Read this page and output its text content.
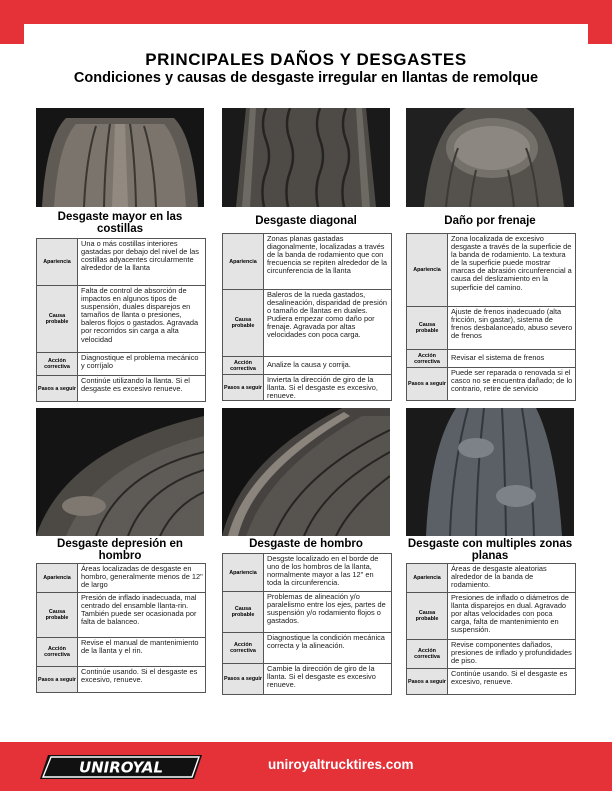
PRINCIPALES DAÑOS Y DESGASTES
Condiciones y causas de desgaste irregular en llantas de remolque
Desgaste mayor en las costillas
Apariencia
Una o más costillas interiores gastadas por debajo del nivel de las costillas adyacentes circularmente alrededor de la llanta
Causa probable
Falta de control de absorción de impactos en algunos tipos de suspensión, duales disparejos en tamaños de llanta o presiones, baleros flojos o gastados. Agravada por recorridos sin carga a alta velocidad
Acción correctiva
Diagnostique el problema mecánico y corríjalo
Pasos a seguir
Continúe utilizando la llanta. Si el desgaste es excesivo renueve.
Desgaste diagonal
Apariencia
Zonas planas gastadas diagonalmente, localizadas a través de la banda de rodamiento que con frecuencia se repiten alrededor de la circunferencia de la llanta
Causa probable
Baleros de la rueda gastados, desalineación, disparidad de presión o tamaño de llantas en duales. Pudiera empezar como daño por frenaje. Agravada por altas velocidades con poca carga.
Acción correctiva	Analize la causa y corrija.
Pasos a seguir
Invierta la dirección de giro de la llanta. Si el desgaste es excesivo, renueve.
Daño por frenaje
Apariencia
Zona localizada de excesivo desgaste a través de la superficie de la banda de rodamiento. La textura de la superficie puede mostrar marcas de abrasión circunferencial a causa del deslizamiento en la superficie del camino.
Causa probable
Ajuste de frenos inadecuado (alta fricción, sin gastar), sistema de frenos desbalanceado, abuso severo de frenos
Acción correctiva	Revisar el sistema de frenos
Pasos a seguir
Puede ser reparada o renovada si el casco no se encuentra dañado; de lo contrario, retire de servicio
Desgaste depresión en hombro
Apariencia
Áreas localizadas de desgaste en hombro, generalmente menos de 12" de largo
Causa probable
Presión de inflado inadecuada, mal centrado del ensamble llanta-rin. También puede ser ocasionada por falta de balanceo.
Acción correctiva
Revise el manual de mantenimiento de la llanta y el rin.
Pasos a seguir
Continúe usando. Si el desgaste es excesivo, renueve.
Desgaste de hombro
Apariencia
Desgste localizado en el borde de uno de los hombros de la llanta, normalmente mayor a las 12" en toda la circunferencia.
Causa probable
Problemas de alineación y/o paralelismo entre los ejes, partes de suspensión y/o rodamiento flojos o gastados.
Acción correctiva
Diagnostique la condición mecánica correcta y la alineación.
Pasos a seguir
Cambie la dirección de giro de la llanta. Si el desgaste es excesivo renueve.
Desgaste con multiples zonas planas
Apariencia
Áreas de desgaste aleatorias alrededor de la banda de rodamiento.
Causa probable
Presiones de inflado o diámetros de llanta disparejos en dual. Agravado por altas velocidades con poca carga, falta de mantenimiento en suspensión.
Acción correctiva
Revise componentes dañados, presiones de inflado y profundidades de piso.
Pasos a seguir
Continúe usando. Si el desgaste es excesivo, renueve.
UNIROYAL	uniroyaltrucktires.com
